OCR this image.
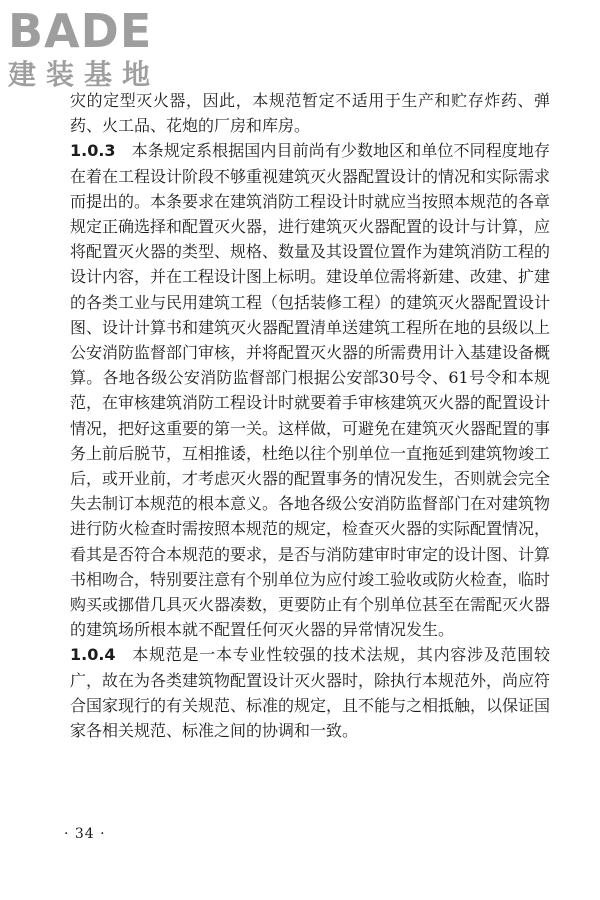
BADE
建装基地

灾的定型灭火器，因此，本规范暂定不适用于生产和贮存炸药、弹药、火工品、花炮的厂房和库房。

1.0.3  本条规定系根据国内目前尚有少数地区和单位不同程度地存在着在工程设计阶段不够重视建筑灭火器配置设计的情况和实际需求而提出的。本条要求在建筑消防工程设计时就应当按照本规范的各章规定正确选择和配置灭火器，进行建筑灭火器配置的设计与计算，应将配置灭火器的类型、规格、数量及其设置位置作为建筑消防工程的设计内容，并在工程设计图上标明。建设单位需将新建、改建、扩建的各类工业与民用建筑工程（包括装修工程）的建筑灭火器配置设计图、设计计算书和建筑灭火器配置清单送建筑工程所在地的县级以上公安消防监督部门审核，并将配置灭火器的所需费用计入基建设备概算。各地各级公安消防监督部门根据公安部30号令、61号令和本规范，在审核建筑消防工程设计时就要着手审核建筑灭火器的配置设计情况，把好这重要的第一关。这样做，可避免在建筑灭火器配置的事务上前后脱节，互相推诿，杜绝以往个别单位一直拖延到建筑物竣工后，或开业前，才考虑灭火器的配置事务的情况发生，否则就会完全失去制订本规范的根本意义。各地各级公安消防监督部门在对建筑物进行防火检查时需按照本规范的规定，检查灭火器的实际配置情况，看其是否符合本规范的要求，是否与消防建审时审定的设计图、计算书相吻合，特别要注意有个别单位为应付竣工验收或防火检查，临时购买或挪借几具灭火器凑数，更要防止有个别单位甚至在需配灭火器的建筑场所根本就不配置任何灭火器的异常情况发生。

1.0.4  本规范是一本专业性较强的技术法规，其内容涉及范围较广，故在为各类建筑物配置设计灭火器时，除执行本规范外，尚应符合国家现行的有关规范、标准的规定，且不能与之相抵触，以保证国家各相关规范、标准之间的协调和一致。

· 34 ·
